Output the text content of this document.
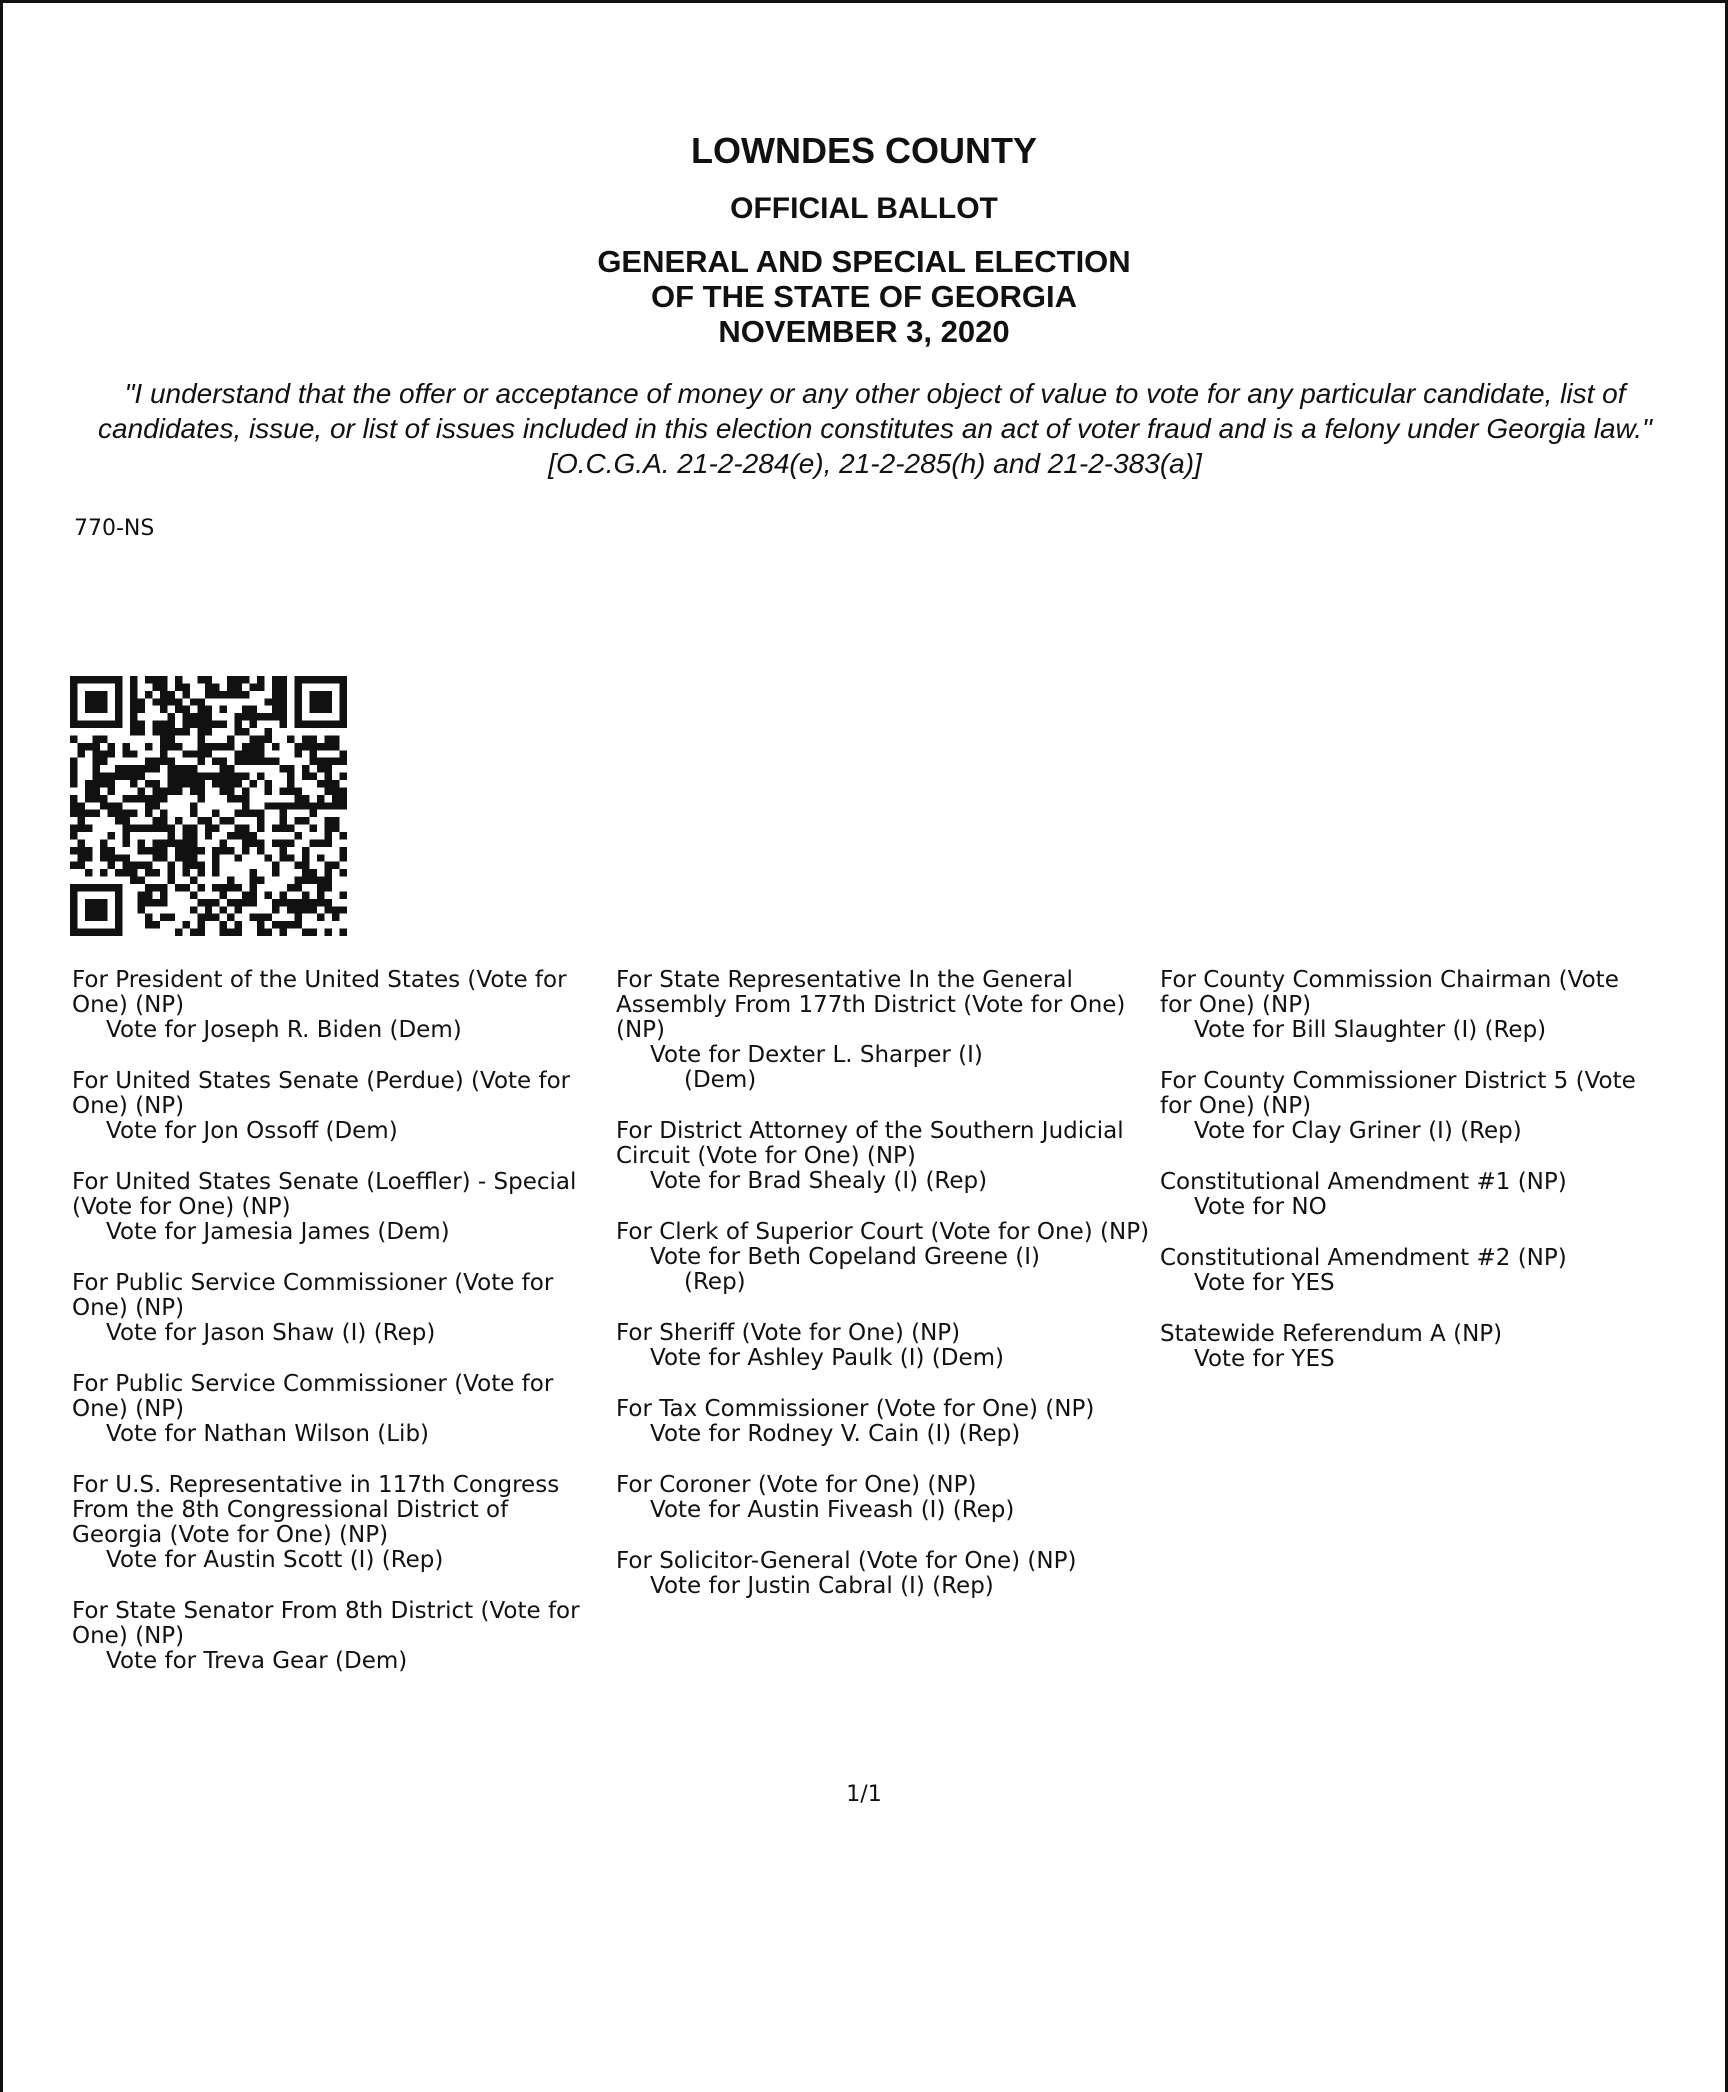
LOWNDES COUNTY
OFFICIAL BALLOT
GENERAL AND SPECIAL ELECTION
OF THE STATE OF GEORGIA
NOVEMBER 3, 2020
"I understand that the offer or acceptance of money or any other object of value to vote for any particular candidate, list of candidates, issue, or list of issues included in this election constitutes an act of voter fraud and is a felony under Georgia law." [O.C.G.A. 21-2-284(e), 21-2-285(h) and 21-2-383(a)]
770-NS
For President of the United States (Vote for One) (NP)
Vote for Joseph R. Biden (Dem)
For United States Senate (Perdue) (Vote for One) (NP)
Vote for Jon Ossoff (Dem)
For United States Senate (Loeffler) - Special (Vote for One) (NP)
Vote for Jamesia James (Dem)
For Public Service Commissioner (Vote for One) (NP)
Vote for Jason Shaw (I) (Rep)
For Public Service Commissioner (Vote for One) (NP)
Vote for Nathan Wilson (Lib)
For U.S. Representative in 117th Congress From the 8th Congressional District of Georgia (Vote for One) (NP)
Vote for Austin Scott (I) (Rep)
For State Senator From 8th District (Vote for One) (NP)
Vote for Treva Gear (Dem)
For State Representative In the General Assembly From 177th District (Vote for One) (NP)
Vote for Dexter L. Sharper (I)
(Dem)
For District Attorney of the Southern Judicial Circuit (Vote for One) (NP)
Vote for Brad Shealy (I) (Rep)
For Clerk of Superior Court (Vote for One) (NP)
Vote for Beth Copeland Greene (I)
(Rep)
For Sheriff (Vote for One) (NP)
Vote for Ashley Paulk (I) (Dem)
For Tax Commissioner (Vote for One) (NP)
Vote for Rodney V. Cain (I) (Rep)
For Coroner (Vote for One) (NP)
Vote for Austin Fiveash (I) (Rep)
For Solicitor-General (Vote for One) (NP)
Vote for Justin Cabral (I) (Rep)
For County Commission Chairman (Vote
for One) (NP)
Vote for Bill Slaughter (I) (Rep)
For County Commissioner District 5 (Vote
for One) (NP)
Vote for Clay Griner (I) (Rep)
Constitutional Amendment #1 (NP)
Vote for NO
Constitutional Amendment #2 (NP)
Vote for YES
Statewide Referendum A (NP)
Vote for YES
1/1
